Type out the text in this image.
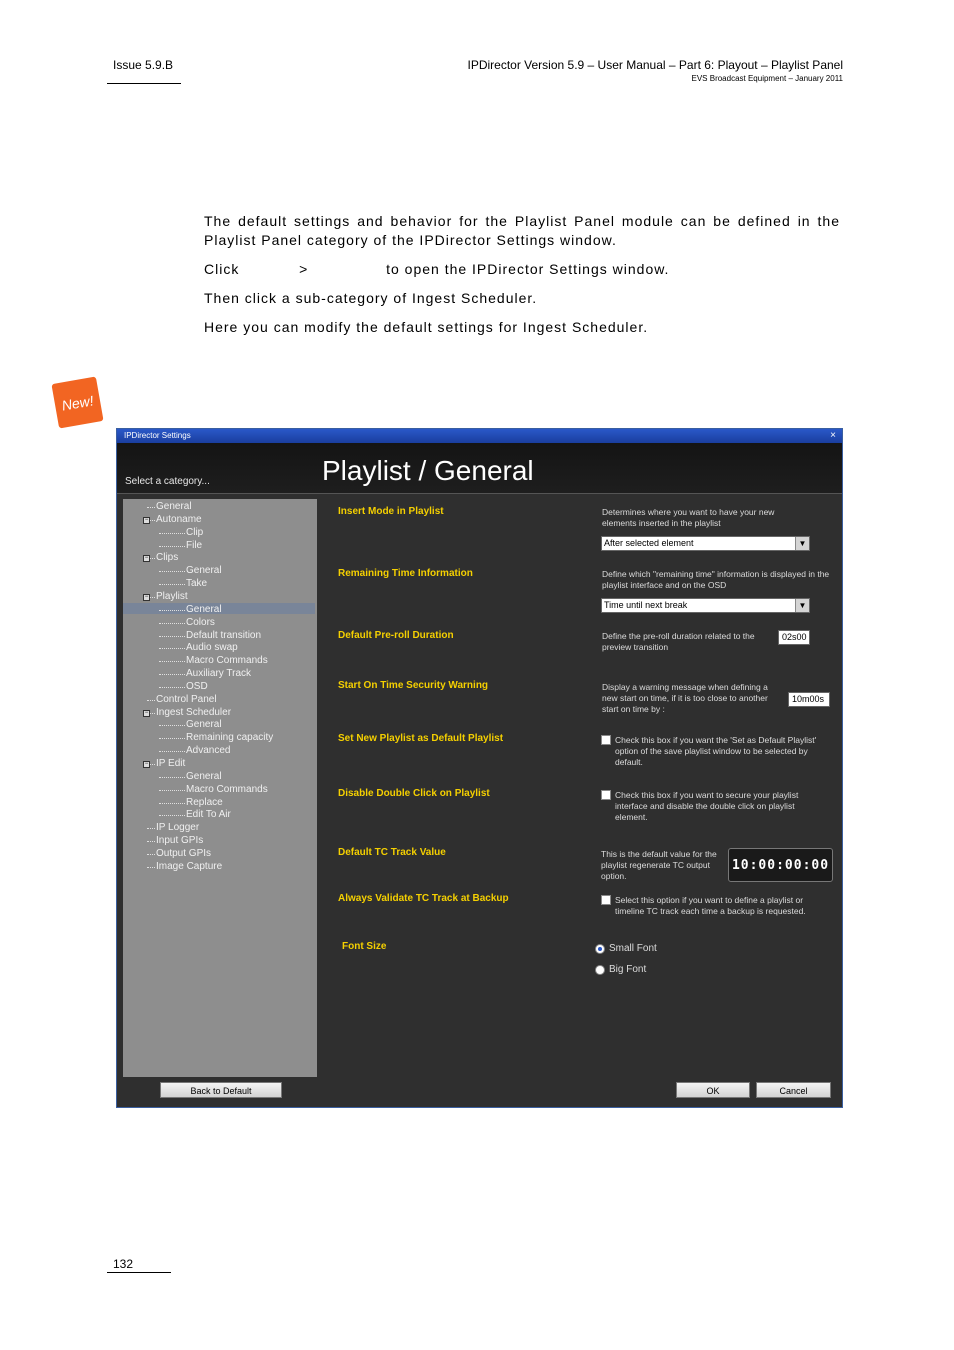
Issue 5.9.B	IPDirector Version 5.9 – User Manual – Part 6: Playout – Playlist Panel
EVS Broadcast Equipment – January 2011

The default settings and behavior for the Playlist Panel module can be defined in the Playlist Panel category of the IPDirector Settings window.

Click	>	to open the IPDirector Settings window.

Then click a sub-category of Ingest Scheduler.

Here you can modify the default settings for Ingest Scheduler.

New!
IPDirector Settings	×
Select a category...	Playlist / General
General
− Autoname
Clip
File
− Clips
General
Take
− Playlist
General
Colors
Default transition
Audio swap
Macro Commands
Auxiliary Track
OSD
Control Panel
− Ingest Scheduler
General
Remaining capacity
Advanced
− IP Edit
General
Macro Commands
Replace
Edit To Air
IP Logger
Input GPIs
Output GPIs
Image Capture
Insert Mode in Playlist	Determines where you want to have your new elements inserted in the playlist
After selected element	▼
Remaining Time Information	Define which "remaining time" information is displayed in the playlist interface and on the OSD
Time until next break	▼
Default Pre-roll Duration	Define the pre-roll duration related to the preview transition
02s00
Start On Time Security Warning	Display a warning message when defining a new start on time, if it is too close to another start on time by :
10m00s
Set New Playlist as Default Playlist	Check this box if you want the 'Set as Default Playlist' option of the save playlist window to be selected by default.
Disable Double Click on Playlist	Check this box if you want to secure your playlist interface and disable the double click on playlist element.
Default TC Track Value	This is the default value for the playlist regenerate TC output option.
10:00:00:00
Always Validate TC Track at Backup	Select this option if you want to define a playlist or timeline TC track each time a backup is requested.
Font Size	Small Font
Big Font
Back to Default	OK	Cancel
132
